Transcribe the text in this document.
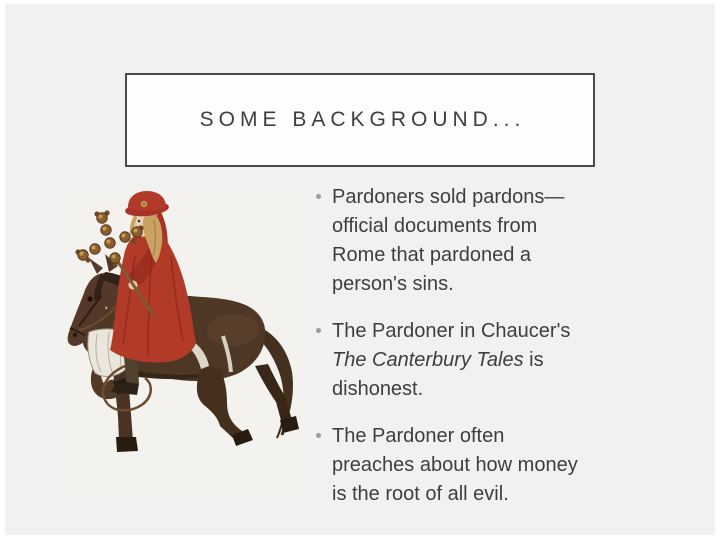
SOME BACKGROUND...
Pardoners sold pardons—
official documents from
Rome that pardoned a
person's sins.
The Pardoner in Chaucer's
The Canterbury Tales is
dishonest.
The Pardoner often
preaches about how money
is the root of all evil.
